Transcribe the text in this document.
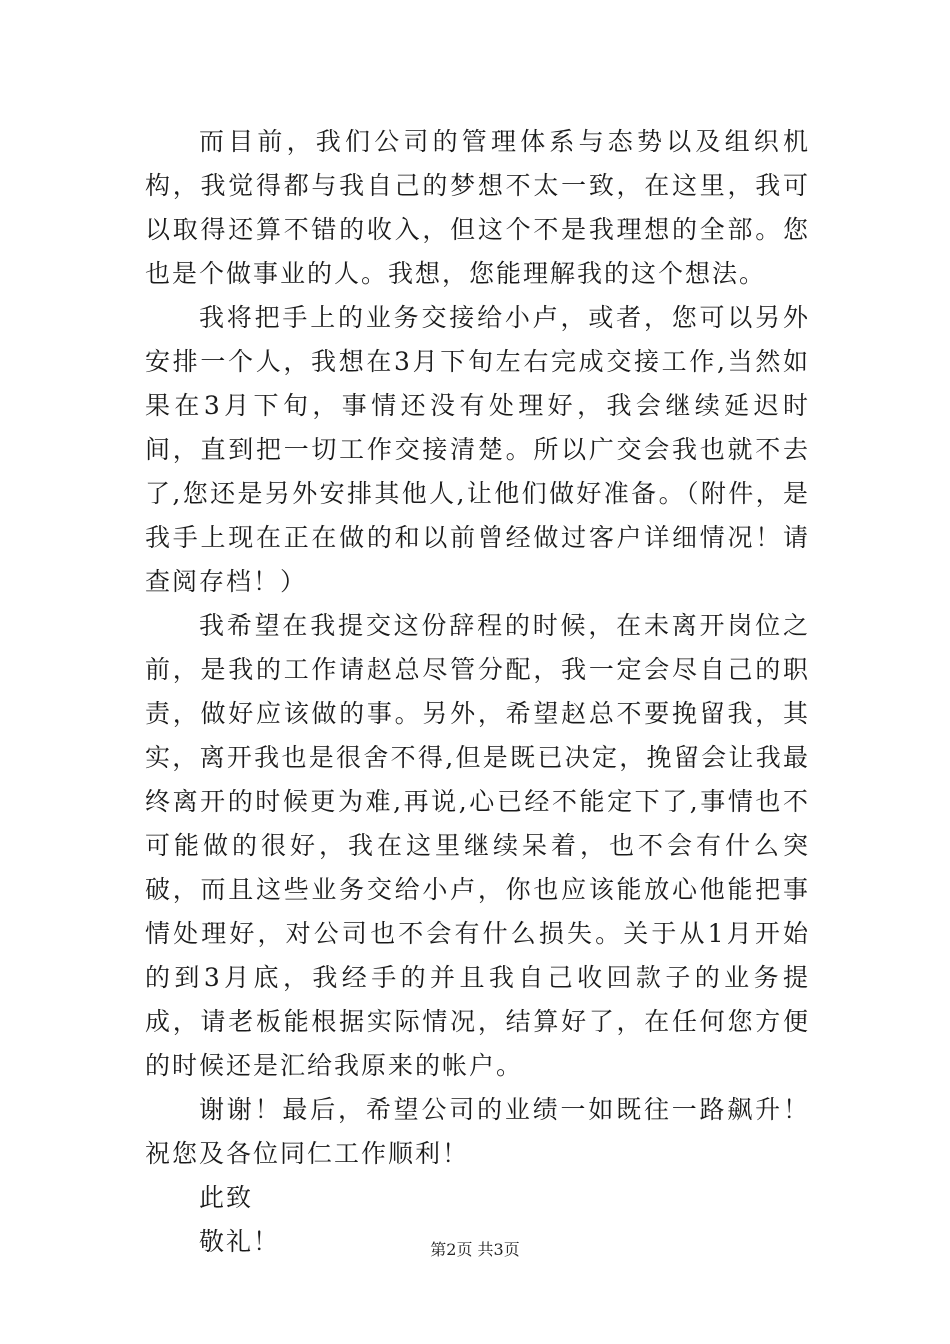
而目前，我们公司的管理体系与态势以及组织机构，我觉得都与我自己的梦想不太一致，在这里，我可以取得还算不错的收入，但这个不是我理想的全部。您也是个做事业的人。我想，您能理解我的这个想法。

我将把手上的业务交接给小卢，或者，您可以另外安排一个人，我想在3月下旬左右完成交接工作,当然如果在3月下旬，事情还没有处理好，我会继续延迟时间，直到把一切工作交接清楚。所以广交会我也就不去了,您还是另外安排其他人,让他们做好准备。（附件，是我手上现在正在做的和以前曾经做过客户详细情况！请查阅存档！）

我希望在我提交这份辞程的时候，在未离开岗位之前，是我的工作请赵总尽管分配，我一定会尽自己的职责，做好应该做的事。另外，希望赵总不要挽留我，其实，离开我也是很舍不得,但是既已决定，挽留会让我最终离开的时候更为难,再说,心已经不能定下了,事情也不可能做的很好，我在这里继续呆着，也不会有什么突破，而且这些业务交给小卢，你也应该能放心他能把事情处理好，对公司也不会有什么损失。关于从1月开始的到3月底，我经手的并且我自己收回款子的业务提成，请老板能根据实际情况，结算好了，在任何您方便的时候还是汇给我原来的帐户。

谢谢！最后，希望公司的业绩一如既往一路飙升！祝您及各位同仁工作顺利！

此致

敬礼！	第2页 共3页
